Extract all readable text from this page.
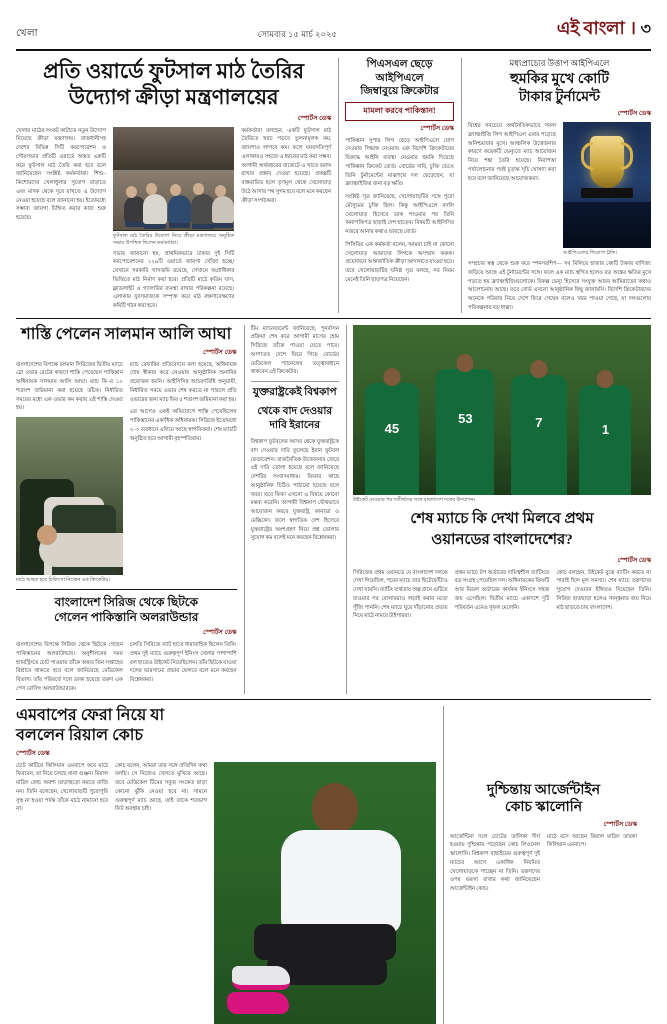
খেলা	সোমবার ১৫ মার্চ ২০২৫	এই বাংলা । ৩
প্রতি ওয়ার্ডে ফুটসাল মাঠ তৈরির
উদ্যোগ ক্রীড়া মন্ত্রণালয়ের
স্পোর্টস ডেস্ক
খেলার মাঠের সংকট কাটাতে নতুন উদ্যোগ নিয়েছে ক্রীড়া মন্ত্রণালয়। রাজধানীসহ দেশের বিভিন্ন সিটি করপোরেশন ও পৌরসভার প্রতিটি ওয়ার্ডে অন্তত একটি করে ফুটসাল মাঠ তৈরি করা হবে বলে জানিয়েছেন সংশ্লিষ্ট কর্মকর্তারা। শিশু–কিশোরদের খেলাধুলার সুযোগ বাড়াতে এবং মাদক থেকে দূরে রাখতে এ উদ্যোগ নেওয়া হয়েছে বলে জানানো হয়। ইতোমধ্যে সম্ভাব্য জায়গা চিহ্নিত করার কাজ শুরু হয়েছে।
ফুটসাল মাঠ তৈরির উদ্যোগ নিয়ে ক্রীড়া মন্ত্রণালয়ে অনুষ্ঠিত সভায় উপস্থিত ছিলেন কর্মকর্তারা।
সভায় জানানো হয়, প্রাথমিকভাবে ঢাকার দুই সিটি করপোরেশনের ১২৯টি ওয়ার্ডে জায়গা খোঁজা হচ্ছে। যেখানে সরকারি খাসজমি রয়েছে, সেখানে অগ্রাধিকার ভিত্তিতে মাঠ নির্মাণ করা হবে। প্রতিটি মাঠে কৃত্রিম ঘাস, ফ্লাডলাইট ও গ্যালারির ব্যবস্থা রাখার পরিকল্পনা রয়েছে। এলাকার যুবসমাজকে সম্পৃক্ত করে মাঠ রক্ষণাবেক্ষণের কমিটি গঠন করা হবে।
কর্মকর্তারা বলছেন, একটি ফুটসাল মাঠ তৈরিতে খরচ পড়বে তুলনামূলক কম, জায়গাও লাগবে কম। ফলে ঘনবসতিপূর্ণ এলাকায়ও সহজে এ ধরনের মাঠ করা সম্ভব। আগামী অর্থবছরের বাজেটে এ খাতে বরাদ্দ রাখার প্রস্তাব দেওয়া হয়েছে। প্রকল্পটি বাস্তবায়িত হলে তৃণমূল থেকে খেলোয়াড় উঠে আসার পথ সুগম হবে বলে মনে করছেন ক্রীড়া সংগঠকরা।
পিএসএল ছেড়ে
আইপিএলে
জিম্বাবুয়ে ক্রিকেটার
মামলা করবে পাকিস্তান!
স্পোর্টস ডেস্ক
পাকিস্তান সুপার লিগ ছেড়ে আইপিএলে যোগ দেওয়ার সিদ্ধান্ত নেওয়ায় এক বিদেশি ক্রিকেটারের বিরুদ্ধে আইনি ব্যবস্থা নেওয়ার হুমকি দিয়েছে পাকিস্তান ক্রিকেট বোর্ড। বোর্ডের দাবি, চুক্তি ভেঙে তিনি টুর্নামেন্টের মাঝপথে দল ছেড়েছেন, যা ফ্র্যাঞ্চাইজির জন্য বড় ক্ষতি।
সংশ্লিষ্ট সূত্র জানিয়েছে, খেলোয়াড়টির সঙ্গে পুরো মৌসুমের চুক্তি ছিল। কিন্তু আইপিএলে বদলি খেলোয়াড় হিসেবে ডাক পাওয়ার পর তিনি অনাপত্তিপত্র ছাড়াই দেশ ছাড়েন। বিষয়টি আইসিসির নজরে আনার কথাও ভাবছে বোর্ড।
পিসিবির এক কর্মকর্তা বলেন, আমরা চাই না কোনো খেলোয়াড় আমাদের লিগকে অসম্মান করুক। প্রয়োজনে আন্তর্জাতিক ক্রীড়া আদালতে যাওয়া হবে। তবে খেলোয়াড়টির ঘনিষ্ঠ সূত্র বলছে, সব নিয়ম মেনেই তিনি ছাড়পত্র নিয়েছেন।
মধ্যপ্রাচ্যের উত্তাপ আইপিএলে
হুমকির মুখে কোটি
টাকার টুর্নামেন্ট
স্পোর্টস ডেস্ক
বিশ্বের সবচেয়ে অর্থনৈতিকভাবে সফল ফ্র্যাঞ্চাইজি লিগ আইপিএল এবার পড়েছে অনিশ্চয়তার মুখে। আঞ্চলিক উত্তেজনার কারণে কয়েকটি ভেন্যুতে ম্যাচ আয়োজন নিয়ে শঙ্কা তৈরি হয়েছে। নিরাপত্তা পর্যালোচনার পরই চূড়ান্ত সূচি ঘোষণা করা হবে বলে জানিয়েছে আয়োজকরা।
আইপিএলের শিরোপা ট্রফি।
সম্প্রচার স্বত্ব থেকে শুরু করে স্পনসরশিপ— সব মিলিয়ে হাজার কোটি টাকার বাণিজ্য জড়িয়ে আছে এই টুর্নামেন্টের সঙ্গে। ফলে এক ম্যাচ স্থগিত হলেও বড় অঙ্কের ক্ষতির মুখে পড়তে হয় ফ্র্যাঞ্চাইজিগুলোকে। বিকল্প ভেন্যু হিসেবে সংযুক্ত আরব আমিরাতের কথাও আলোচনায় আছে। তবে বোর্ড এখনো আনুষ্ঠানিক কিছু জানায়নি। বিদেশি ক্রিকেটারদের অনেকে পরিবার নিয়ে দেশে ফিরে গেছেন বলেও খবর পাওয়া গেছে, যা দলগুলোর পরিকল্পনায় বড় ধাক্কা।
শাস্তি পেলেন সালমান আলি আঘা
স্পোর্টস ডেস্ক
বাংলাদেশের বিপক্ষে চলমান সিরিজের দ্বিতীয় ম্যাচে স্লো ওভার রেটের কারণে শাস্তি পেয়েছেন পাকিস্তান অধিনায়ক সালমান আলি আঘা। ম্যাচ ফি–র ১০ শতাংশ জরিমানা করা হয়েছে তাঁকে। নির্ধারিত সময়ের মধ্যে এক ওভার কম করায় এই শাস্তি দেওয়া হয়।
মাঠে আহত হয়ে চিকিৎসা নিচ্ছেন এক ক্রিকেটার।
ম্যাচ রেফারির প্রতিবেদনে বলা হয়েছে, অধিনায়ক দোষ স্বীকার করে নেওয়ায় আনুষ্ঠানিক শুনানির প্রয়োজন হয়নি। আইসিসির আচরণবিধি অনুযায়ী, নির্ধারিত সময়ে ওভার শেষ করতে না পারলে প্রতি ওভারের জন্য ম্যাচ ফির ৫ শতাংশ জরিমানা করা হয়।
এর আগেও একই অভিযোগে শাস্তি পেয়েছিলেন পাকিস্তানের একাধিক অধিনায়ক। সিরিজে ইতোমধ্যে ২–০ ব্যবধানে এগিয়ে আছে স্বাগতিকরা। শেষ ম্যাচটি অনুষ্ঠিত হবে আগামী বৃহস্পতিবার।
বাংলাদেশ সিরিজ থেকে ছিটকে
গেলেন পাকিস্তানি অলরাউন্ডার
স্পোর্টস ডেস্ক
বাংলাদেশের বিপক্ষে সিরিজ থেকে ছিটকে গেছেন পাকিস্তানের অলরাউন্ডার। অনুশীলনের সময় হ্যামস্ট্রিংয়ে চোট পাওয়ায় তাঁকে অন্তত তিন সপ্তাহের বিশ্রামে থাকতে হবে বলে জানিয়েছে মেডিকেল বিভাগ। তাঁর পরিবর্তে দলে ডাকা হয়েছে তরুণ এক পেস বোলিং অলরাউন্ডারকে।
চলতি সিরিজে ব্যাট হাতে ধারাবাহিক ছিলেন তিনি। প্রথম দুই ম্যাচে গুরুত্বপূর্ণ ইনিংস খেলার পাশাপাশি বল হাতেও উইকেট নিয়েছিলেন। তাঁর ছিটকে যাওয়া দলের ভারসাম্যে প্রভাব ফেলবে বলে মনে করছেন বিশ্লেষকরা।
টিম ম্যানেজমেন্ট জানিয়েছে, পুনর্বাসন প্রক্রিয়া শেষ করে আগামী মাসের হোম সিরিজে তাঁকে পাওয়া যেতে পারে। আপাতত দেশে ফিরে গিয়ে বোর্ডের মেডিকেল প্যানেলের তত্ত্বাবধানে থাকবেন এই ক্রিকেটার।
যুক্তরাষ্ট্রকেই বিশ্বকাপ
থেকে বাদ দেওয়ার
দাবি ইরানের
বিশ্বকাপ ফুটবলের আসর থেকে যুক্তরাষ্ট্রকে বাদ দেওয়ার দাবি তুলেছে ইরান ফুটবল ফেডারেশন। রাজনৈতিক উত্তেজনার জেরে এই দাবি তোলা হয়েছে বলে জানিয়েছে দেশটির সংবাদমাধ্যম। ফিফার কাছে আনুষ্ঠানিক চিঠিও পাঠানো হয়েছে বলে খবর। তবে ফিফা এখনো এ বিষয়ে কোনো মন্তব্য করেনি। আগামী বিশ্বকাপ যৌথভাবে আয়োজন করবে যুক্তরাষ্ট্র, কানাডা ও মেক্সিকো। ফলে স্বাগতিক দেশ হিসেবে যুক্তরাষ্ট্রের অংশগ্রহণ নিয়ে প্রশ্ন তোলার সুযোগ কম বলেই মনে করছেন বিশ্লেষকরা।
45
53	7	1
উইকেট নেওয়ার পর সতীর্থদের সঙ্গে বাংলাদেশ দলের উদযাপন।
শেষ ম্যাচে কি দেখা মিলবে প্রথম
ওয়ানডের বাংলাদেশের?
স্পোর্টস ডেস্ক
সিরিজের প্রথম ওয়ানডে যে বাংলাদেশ দলকে দেখা গিয়েছিল, পরের ম্যাচে তার ছিটেফোঁটাও দেখা যায়নি। ব্যাটিং ব্যর্থতায় অল্প রানে গুটিয়ে যাওয়ার পর বোলাররাও লড়াই করার মতো পুঁজি পাননি। শেষ ম্যাচে ঘুরে দাঁড়ানোর প্রত্যয় নিয়ে মাঠে নামবে টাইগাররা।
প্রথম ম্যাচে টপ অর্ডারের দায়িত্বশীল ব্যাটিংয়ে বড় সংগ্রহ পেয়েছিল দল। অধিনায়কের ফিফটি আর মিডল অর্ডারের কার্যকর ইনিংসে সহজ জয় এসেছিল। দ্বিতীয় ম্যাচে একাদশে দুটি পরিবর্তন এনেও সুফল মেলেনি।
কোচ বলছেন, উইকেট বুঝে ব্যাটিং করতে না পারাই ছিল মূল সমস্যা। শেষ ম্যাচে তরুণদের সুযোগ দেওয়ার ইঙ্গিতও দিয়েছেন তিনি। সিরিজ হাতছাড়া হলেও সান্ত্বনার জয় নিয়ে মাঠ ছাড়তে চায় বাংলাদেশ।
এমবাপের ফেরা নিয়ে যা
বললেন রিয়াল কোচ
স্পোর্টস ডেস্ক
চোট কাটিয়ে কিলিয়ান এমবাপে কবে মাঠে ফিরবেন, তা নিয়ে চলছে নানা গুঞ্জন। রিয়াল মাদ্রিদ কোচ অবশ্য তাড়াহুড়ো করতে রাজি নন। তিনি বলেছেন, খেলোয়াড়টি পুরোপুরি সুস্থ না হওয়া পর্যন্ত তাঁকে মাঠে নামানো হবে না।
কোচ বলেন, আমরা তার সঙ্গে প্রতিদিন কথা বলছি। সে নিজেও খেলতে মুখিয়ে আছে। তবে মেডিকেল টিমের সবুজ সংকেত ছাড়া কোনো ঝুঁকি নেওয়া হবে না। সামনে গুরুত্বপূর্ণ ম্যাচ আছে, তাই তাকে শতভাগ ফিট অবস্থায় চাই।
দুশ্চিন্তায় আর্জেন্টাইন
কোচ স্কালোনি
স্পোর্টস ডেস্ক
আর্জেন্টিনা দলে চোটের তালিকা দীর্ঘ হওয়ায় দুশ্চিন্তায় পড়েছেন কোচ লিওনেল স্কালোনি। বিশ্বকাপ বাছাইয়ের গুরুত্বপূর্ণ দুই ম্যাচের আগে একাধিক নিয়মিত খেলোয়াড়কে পাচ্ছেন না তিনি। তরুণদের ওপর ভরসা রাখার কথা জানিয়েছেন আর্জেন্টাইন কোচ।
মাঠে বসে আছেন রিয়াল মাদ্রিদ তারকা কিলিয়ান এমবাপে।
